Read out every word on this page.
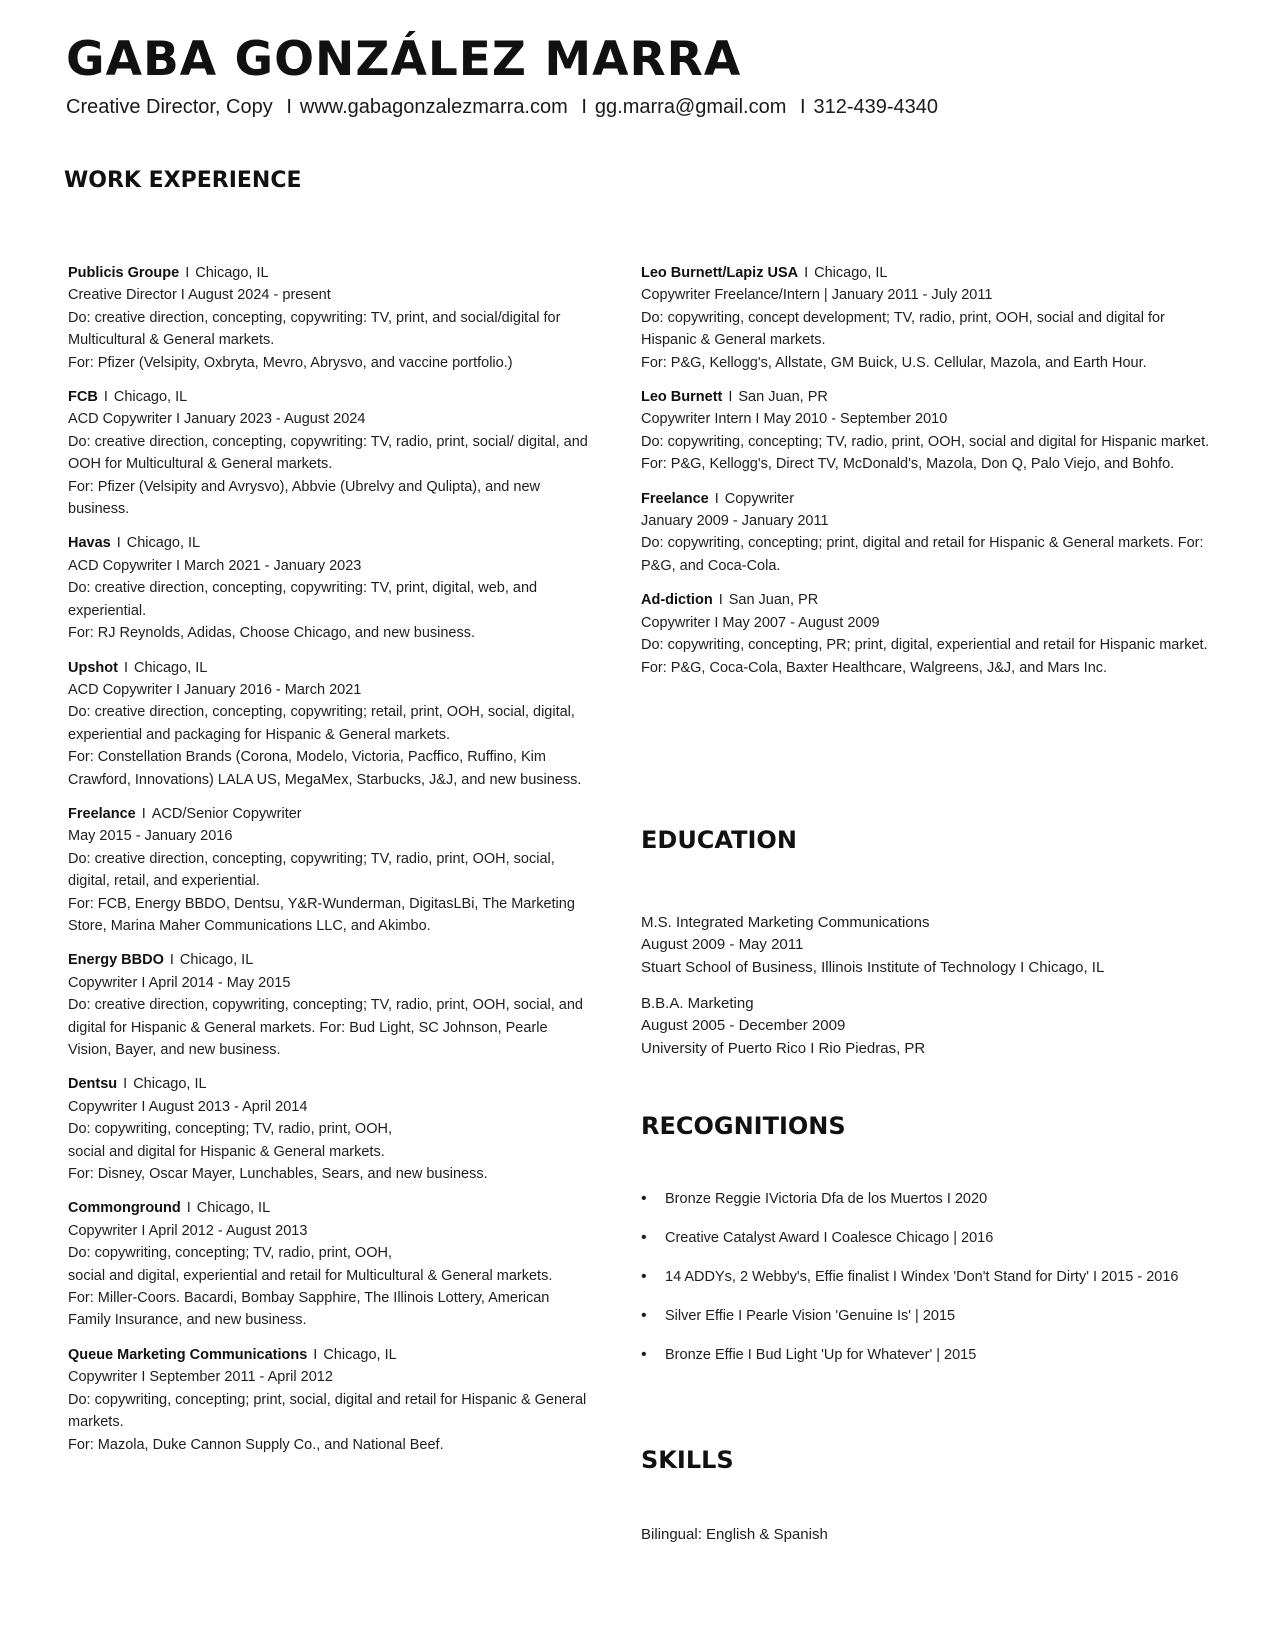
GABA GONZÁLEZ MARRA
Creative Director, Copy I www.gabagonzalezmarra.com I gg.marra@gmail.com I 312-439-4340
WORK EXPERIENCE
Publicis Groupe I Chicago, IL
Creative Director I August 2024 - present
Do: creative direction, concepting, copywriting: TV, print, and social/digital for Multicultural & General markets.
For: Pfizer (Velsipity, Oxbryta, Mevro, Abrysvo, and vaccine portfolio.)
FCB I Chicago, IL
ACD Copywriter I January 2023 - August 2024
Do: creative direction, concepting, copywriting: TV, radio, print, social/ digital, and OOH for Multicultural & General markets.
For: Pfizer (Velsipity and Avrysvo), Abbvie (Ubrelvy and Qulipta), and new business.
Havas I Chicago, IL
ACD Copywriter I March 2021 - January 2023
Do: creative direction, concepting, copywriting: TV, print, digital, web, and experiential.
For: RJ Reynolds, Adidas, Choose Chicago, and new business.
Upshot I Chicago, IL
ACD Copywriter I January 2016 - March 2021
Do: creative direction, concepting, copywriting; retail, print, OOH, social, digital, experiential and packaging for Hispanic & General markets.
For: Constellation Brands (Corona, Modelo, Victoria, Pacffico, Ruffino, Kim Crawford, Innovations) LALA US, MegaMex, Starbucks, J&J, and new business.
Freelance I ACD/Senior Copywriter
May 2015 - January 2016
Do: creative direction, concepting, copywriting; TV, radio, print, OOH, social, digital, retail, and experiential.
For: FCB, Energy BBDO, Dentsu, Y&R-Wunderman, DigitasLBi, The Marketing Store, Marina Maher Communications LLC, and Akimbo.
Energy BBDO I Chicago, IL
Copywriter I April 2014 - May 2015
Do: creative direction, copywriting, concepting; TV, radio, print, OOH, social, and digital for Hispanic & General markets. For: Bud Light, SC Johnson, Pearle Vision, Bayer, and new business.
Dentsu I Chicago, IL
Copywriter I August 2013 - April 2014
Do: copywriting, concepting; TV, radio, print, OOH,
social and digital for Hispanic & General markets.
For: Disney, Oscar Mayer, Lunchables, Sears, and new business.
Commonground I Chicago, IL
Copywriter I April 2012 - August 2013
Do: copywriting, concepting; TV, radio, print, OOH,
social and digital, experiential and retail for Multicultural & General markets.
For: Miller-Coors. Bacardi, Bombay Sapphire, The Illinois Lottery, American Family Insurance, and new business.
Queue Marketing Communications I Chicago, IL
Copywriter I September 2011 - April 2012
Do: copywriting, concepting; print, social, digital and retail for Hispanic & General markets.
For: Mazola, Duke Cannon Supply Co., and National Beef.
Leo Burnett/Lapiz USA I Chicago, IL
Copywriter Freelance/Intern | January 2011 - July 2011
Do: copywriting, concept development; TV, radio, print, OOH, social and digital for Hispanic & General markets.
For: P&G, Kellogg's, Allstate, GM Buick, U.S. Cellular, Mazola, and Earth Hour.
Leo Burnett I San Juan, PR
Copywriter Intern I May 2010 - September 2010
Do: copywriting, concepting; TV, radio, print, OOH, social and digital for Hispanic market.
For: P&G, Kellogg's, Direct TV, McDonald's, Mazola, Don Q, Palo Viejo, and Bohfo.
Freelance I Copywriter
January 2009 - January 2011
Do: copywriting, concepting; print, digital and retail for Hispanic & General markets. For: P&G, and Coca-Cola.
Ad-diction I San Juan, PR
Copywriter I May 2007 - August 2009
Do: copywriting, concepting, PR; print, digital, experiential and retail for Hispanic market. For: P&G, Coca-Cola, Baxter Healthcare, Walgreens, J&J, and Mars Inc.
EDUCATION
M.S. Integrated Marketing Communications
August 2009 - May 2011
Stuart School of Business, Illinois Institute of Technology I Chicago, IL
B.B.A. Marketing
August 2005 - December 2009
University of Puerto Rico I Rio Piedras, PR
RECOGNITIONS
• Bronze Reggie IVictoria Dfa de los Muertos I 2020
• Creative Catalyst Award I Coalesce Chicago | 2016
• 14 ADDYs, 2 Webby's, Effie finalist I Windex 'Don't Stand for Dirty' I 2015 - 2016
• Silver Effie I Pearle Vision 'Genuine Is' | 2015
• Bronze Effie I Bud Light 'Up for Whatever' | 2015
SKILLS
Bilingual: English & Spanish
